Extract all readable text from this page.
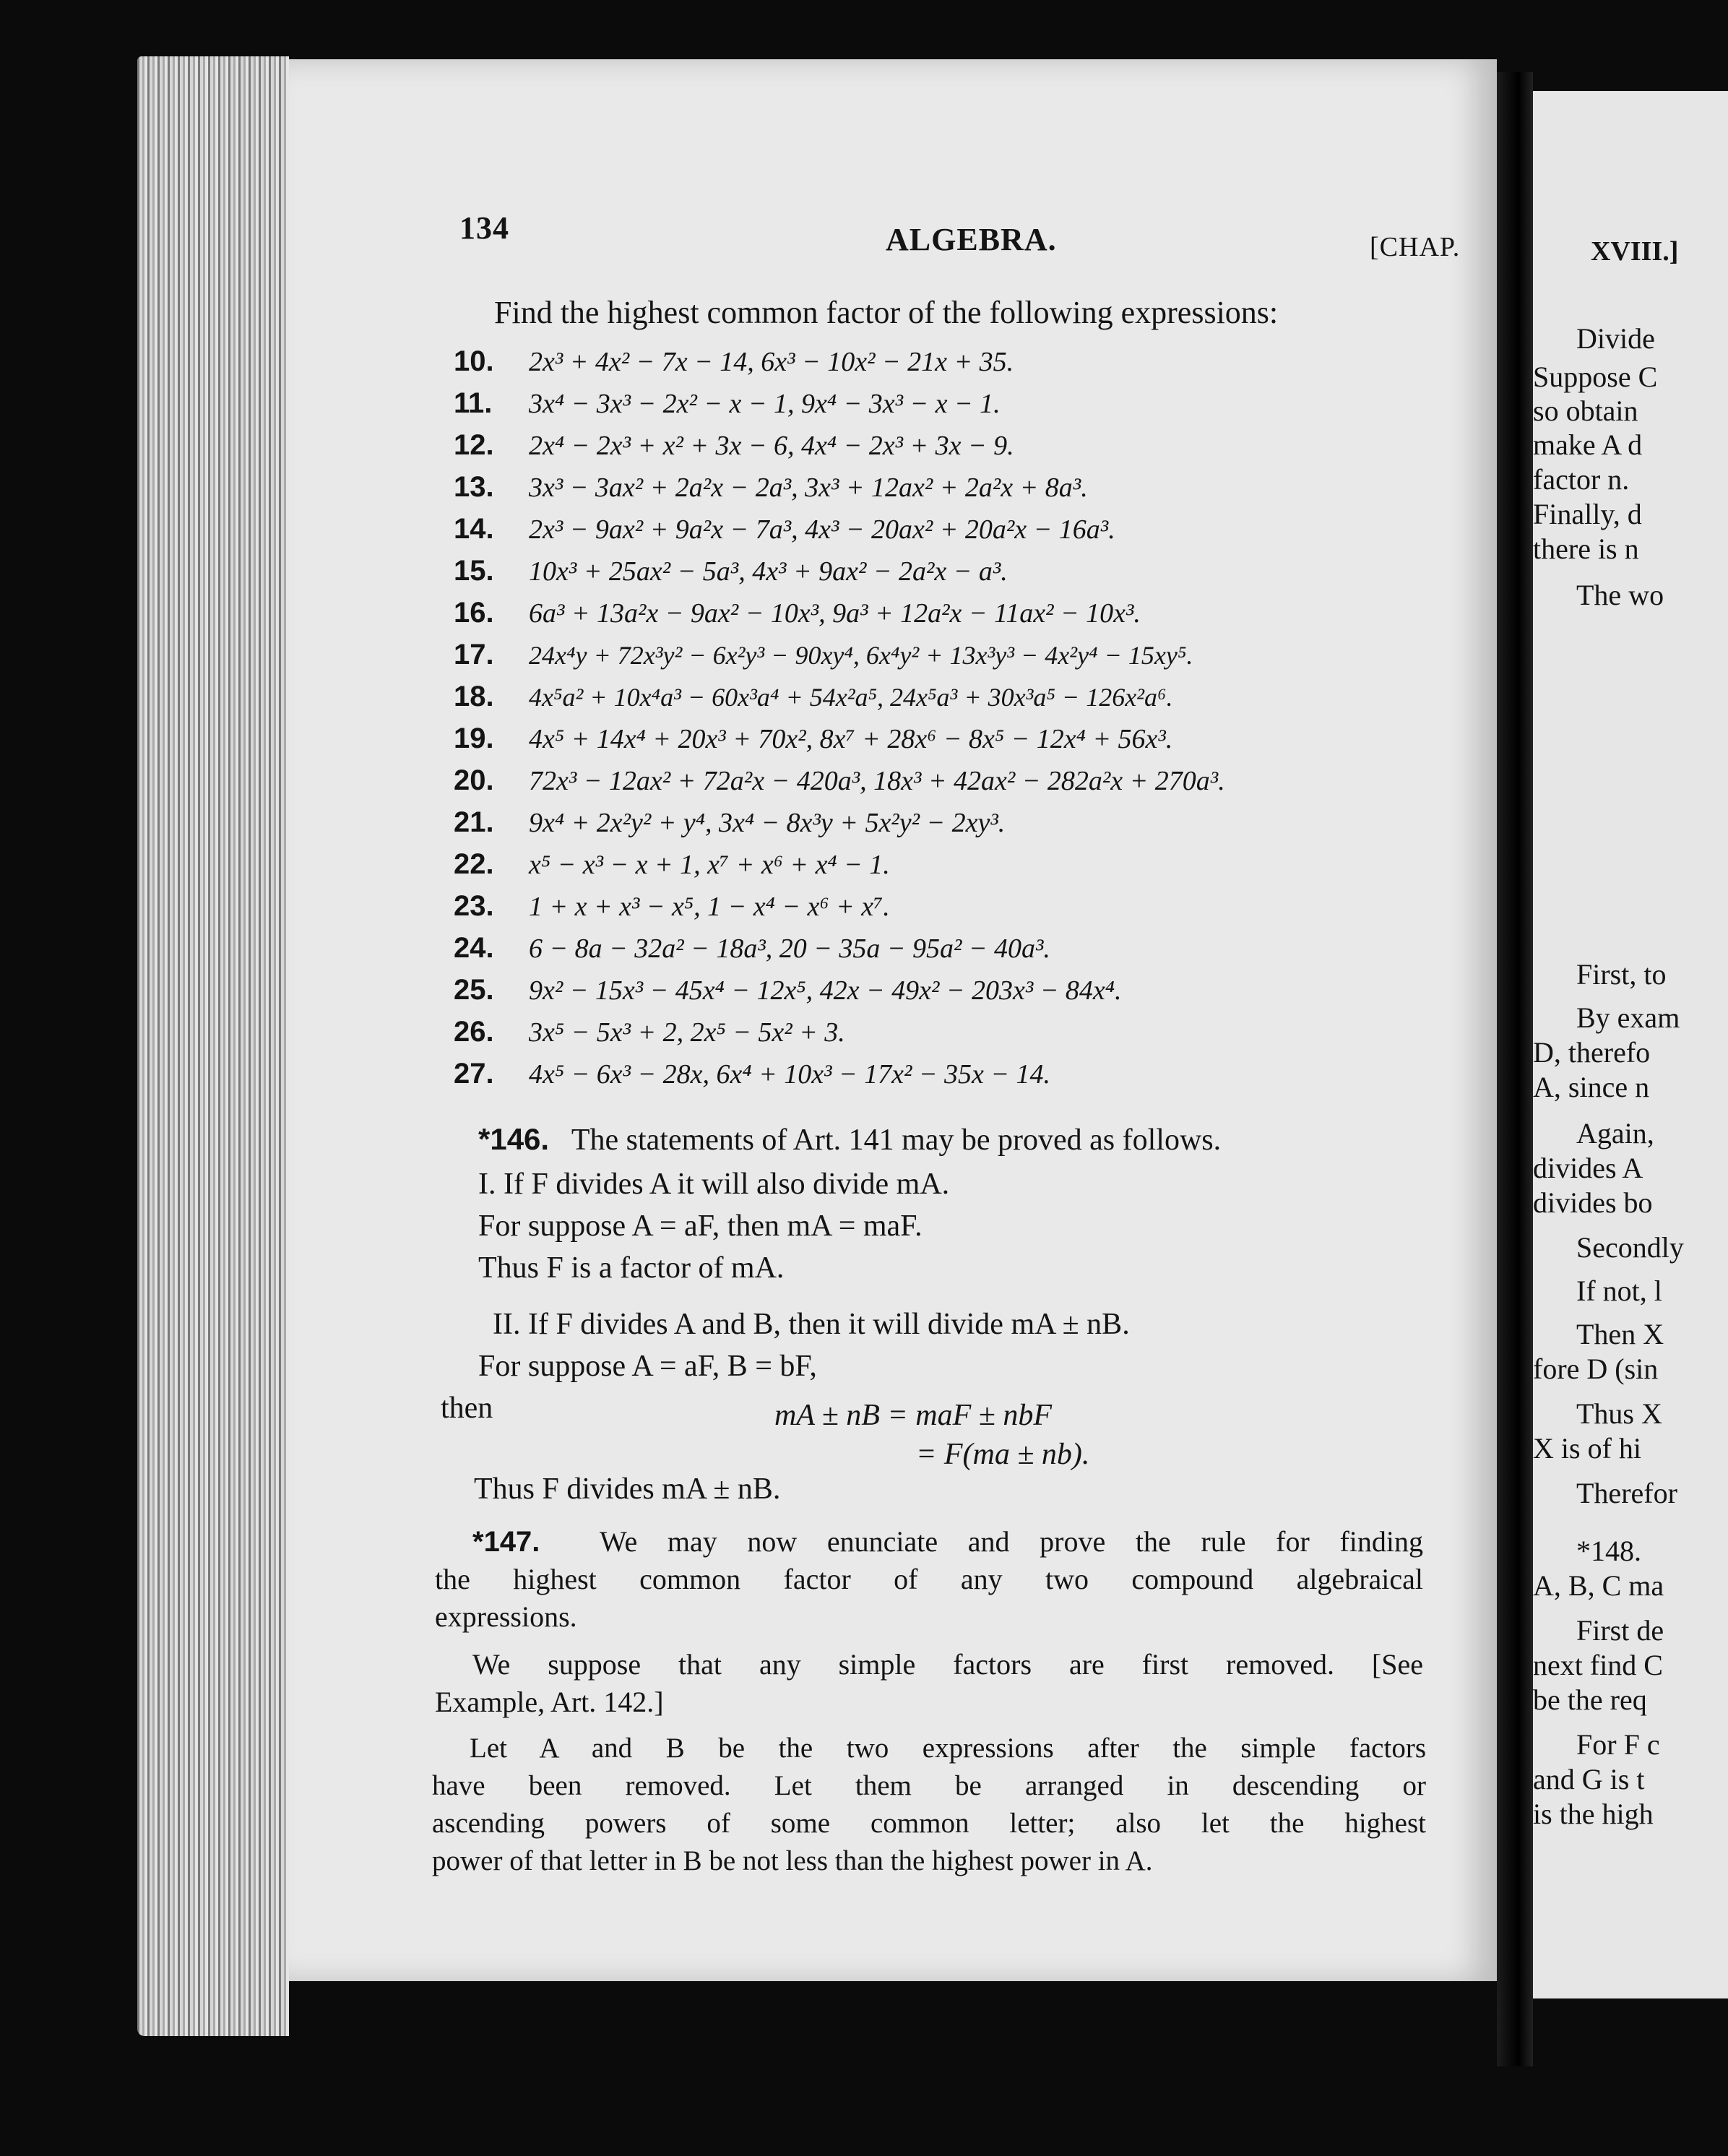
134	ALGEBRA.	[CHAP.
Find the highest common factor of the following expressions:
10. 2x³ + 4x² − 7x − 14, 6x³ − 10x² − 21x + 35.
11. 3x⁴ − 3x³ − 2x² − x − 1, 9x⁴ − 3x³ − x − 1.
12. 2x⁴ − 2x³ + x² + 3x − 6, 4x⁴ − 2x³ + 3x − 9.
13. 3x³ − 3ax² + 2a²x − 2a³, 3x³ + 12ax² + 2a²x + 8a³.
14. 2x³ − 9ax² + 9a²x − 7a³, 4x³ − 20ax² + 20a²x − 16a³.
15. 10x³ + 25ax² − 5a³, 4x³ + 9ax² − 2a²x − a³.
16. 6a³ + 13a²x − 9ax² − 10x³, 9a³ + 12a²x − 11ax² − 10x³.
17. 24x⁴y + 72x³y² − 6x²y³ − 90xy⁴, 6x⁴y² + 13x³y³ − 4x²y⁴ − 15xy⁵.
18. 4x⁵a² + 10x⁴a³ − 60x³a⁴ + 54x²a⁵, 24x⁵a³ + 30x³a⁵ − 126x²a⁶.
19. 4x⁵ + 14x⁴ + 20x³ + 70x², 8x⁷ + 28x⁶ − 8x⁵ − 12x⁴ + 56x³.
20. 72x³ − 12ax² + 72a²x − 420a³, 18x³ + 42ax² − 282a²x + 270a³.
21. 9x⁴ + 2x²y² + y⁴, 3x⁴ − 8x³y + 5x²y² − 2xy³.
22. x⁵ − x³ − x + 1, x⁷ + x⁶ + x⁴ − 1.
23. 1 + x + x³ − x⁵, 1 − x⁴ − x⁶ + x⁷.
24. 6 − 8a − 32a² − 18a³, 20 − 35a − 95a² − 40a³.
25. 9x² − 15x³ − 45x⁴ − 12x⁵, 42x − 49x² − 203x³ − 84x⁴.
26. 3x⁵ − 5x³ + 2, 2x⁵ − 5x² + 3.
27. 4x⁵ − 6x³ − 28x, 6x⁴ + 10x³ − 17x² − 35x − 14.
*146. The statements of Art. 141 may be proved as follows.
I. If F divides A it will also divide mA.
For suppose A = aF, then mA = maF.
Thus F is a factor of mA.
II. If F divides A and B, then it will divide mA ± nB.
For suppose A = aF, B = bF,
then	mA ± nB = maF ± nbF
= F(ma ± nb).
Thus F divides mA ± nB.
*147. We may now enunciate and prove the rule for finding
the highest common factor of any two compound algebraical
expressions.
We suppose that any simple factors are first removed. [See
Example, Art. 142.]
Let A and B be the two expressions after the simple factors
have been removed. Let them be arranged in descending or
ascending powers of some common letter; also let the highest
power of that letter in B be not less than the highest power in A.
XVIII.]
Divide
Suppose C
so obtain
make A d
factor n.
Finally, d
there is n
The wo
First, to
By exam
D, therefo
A, since n
Again,
divides A
divides bo
Secondly
If not, l
Then X
fore D (sin
Thus X
X is of hi
Therefor
*148.
A, B, C ma
First de
next find C
be the req
For F c
and G is t
is the high
